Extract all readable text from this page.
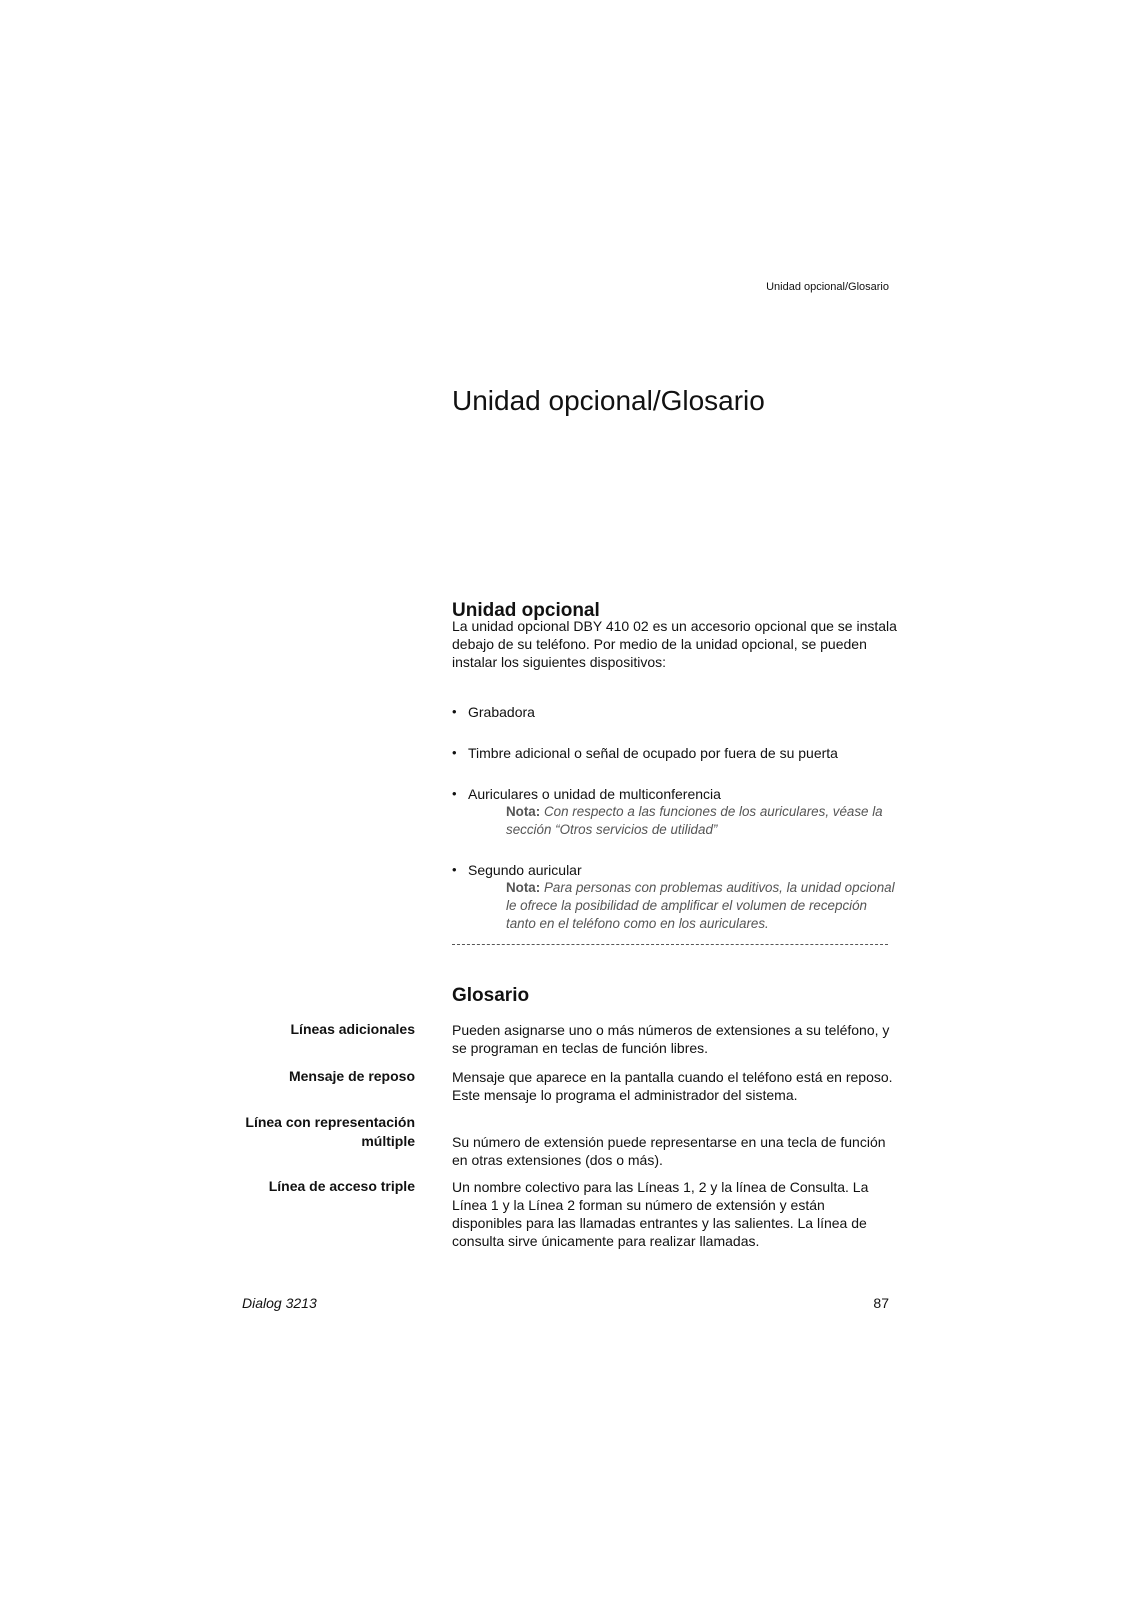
Unidad opcional/Glosario
Unidad opcional/Glosario
Unidad opcional

La unidad opcional DBY 410 02 es un accesorio opcional que se instala debajo de su teléfono. Por medio de la unidad opcional, se pueden instalar los siguientes dispositivos:

• Grabadora
• Timbre adicional o señal de ocupado por fuera de su puerta
• Auriculares o unidad de multiconferencia
Nota: Con respecto a las funciones de los auriculares, véase la sección “Otros servicios de utilidad”
• Segundo auricular
Nota: Para personas con problemas auditivos, la unidad opcional le ofrece la posibilidad de amplificar el volumen de recepción tanto en el teléfono como en los auriculares.
Glosario
Líneas adicionales	Pueden asignarse uno o más números de extensiones a su teléfono, y se programan en teclas de función libres.
Mensaje de reposo	Mensaje que aparece en la pantalla cuando el teléfono está en reposo. Este mensaje lo programa el administrador del sistema.
Línea con representación múltiple	Su número de extensión puede representarse en una tecla de función en otras extensiones (dos o más).
Línea de acceso triple	Un nombre colectivo para las Líneas 1, 2 y la línea de Consulta. La Línea 1 y la Línea 2 forman su número de extensión y están disponibles para las llamadas entrantes y las salientes. La línea de consulta sirve únicamente para realizar llamadas.
Dialog 3213	87
